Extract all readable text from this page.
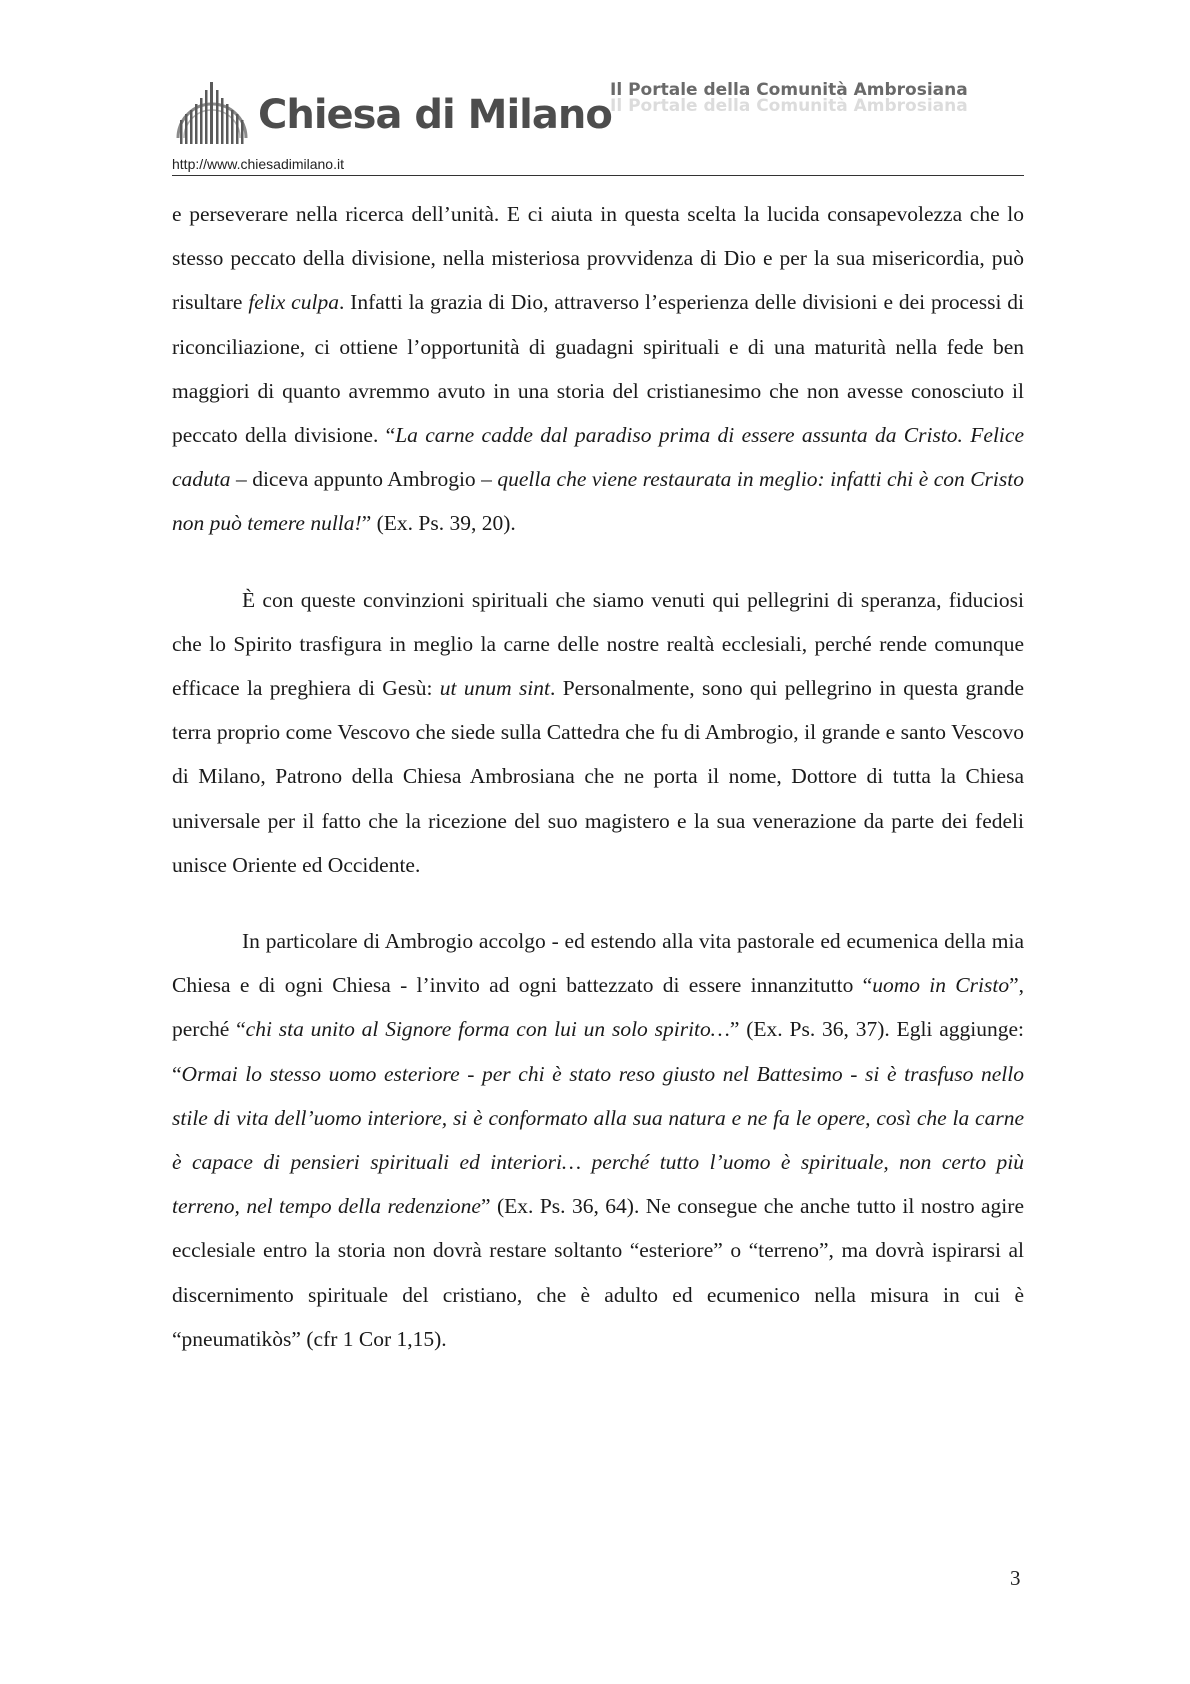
Chiesa di Milano
Il Portale della Comunità Ambrosiana
Il Portale della Comunità Ambrosiana
http://www.chiesadimilano.it

e perseverare nella ricerca dell’unità. E ci aiuta in questa scelta la lucida consapevolezza che lo stesso peccato della divisione, nella misteriosa provvidenza di Dio e per la sua misericordia, può risultare felix culpa. Infatti la grazia di Dio, attraverso l’esperienza delle divisioni e dei processi di riconciliazione, ci ottiene l’opportunità di guadagni spirituali e di una maturità nella fede ben maggiori di quanto avremmo avuto in una storia del cristianesimo che non avesse conosciuto il peccato della divisione. “La carne cadde dal paradiso prima di essere assunta da Cristo. Felice caduta – diceva appunto Ambrogio – quella che viene restaurata in meglio: infatti chi è con Cristo non può temere nulla!” (Ex. Ps. 39, 20).

È con queste convinzioni spirituali che siamo venuti qui pellegrini di speranza, fiduciosi che lo Spirito trasfigura in meglio la carne delle nostre realtà ecclesiali, perché rende comunque efficace la preghiera di Gesù: ut unum sint. Personalmente, sono qui pellegrino in questa grande terra proprio come Vescovo che siede sulla Cattedra che fu di Ambrogio, il grande e santo Vescovo di Milano, Patrono della Chiesa Ambrosiana che ne porta il nome, Dottore di tutta la Chiesa universale per il fatto che la ricezione del suo magistero e la sua venerazione da parte dei fedeli unisce Oriente ed Occidente.

In particolare di Ambrogio accolgo - ed estendo alla vita pastorale ed ecumenica della mia Chiesa e di ogni Chiesa - l’invito ad ogni battezzato di essere innanzitutto “uomo in Cristo”, perché “chi sta unito al Signore forma con lui un solo spirito…” (Ex. Ps. 36, 37). Egli aggiunge: “Ormai lo stesso uomo esteriore - per chi è stato reso giusto nel Battesimo - si è trasfuso nello stile di vita dell’uomo interiore, si è conformato alla sua natura e ne fa le opere, così che la carne è capace di pensieri spirituali ed interiori… perché tutto l’uomo è spirituale, non certo più terreno, nel tempo della redenzione” (Ex. Ps. 36, 64). Ne consegue che anche tutto il nostro agire ecclesiale entro la storia non dovrà restare soltanto “esteriore” o “terreno”, ma dovrà ispirarsi al discernimento spirituale del cristiano, che è adulto ed ecumenico nella misura in cui è “pneumatikòs” (cfr 1 Cor 1,15).

3
